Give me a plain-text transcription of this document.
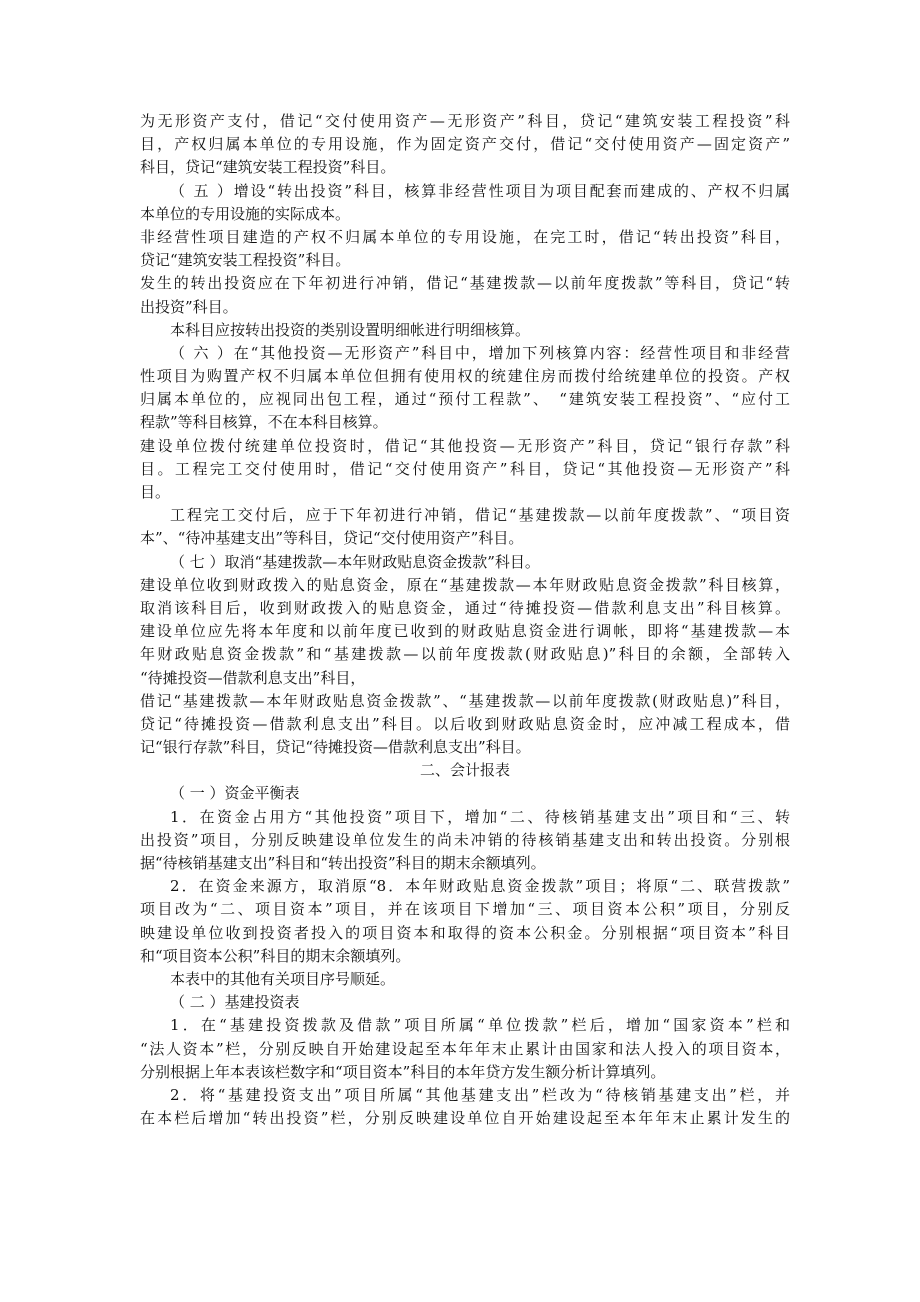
为无形资产支付，借记“交付使用资产—无形资产”科目，贷记“建筑安装工程投资”科
目，产权归属本单位的专用设施，作为固定资产交付，借记“交付使用资产—固定资产”
科目，贷记“建筑安装工程投资”科目。
（ 五 ）增设“转出投资”科目，核算非经营性项目为项目配套而建成的、产权不归属
本单位的专用设施的实际成本。
非经营性项目建造的产权不归属本单位的专用设施，在完工时，借记“转出投资”科目，
贷记“建筑安装工程投资”科目。
发生的转出投资应在下年初进行冲销，借记“基建拨款—以前年度拨款”等科目，贷记“转
出投资”科目。
本科目应按转出投资的类别设置明细帐进行明细核算。
（ 六 ）在“其他投资—无形资产”科目中，增加下列核算内容：经营性项目和非经营
性项目为购置产权不归属本单位但拥有使用权的统建住房而拨付给统建单位的投资。产权
归属本单位的，应视同出包工程，通过“预付工程款”、　“建筑安装工程投资”、“应付工
程款”等科目核算，不在本科目核算。
建设单位拨付统建单位投资时，借记“其他投资—无形资产”科目，贷记“银行存款”科
目。工程完工交付使用时，借记“交付使用资产”科目，贷记“其他投资—无形资产”科
目。
工程完工交付后，应于下年初进行冲销，借记“基建拨款—以前年度拨款”、“项目资
本”、“待冲基建支出”等科目，贷记“交付使用资产”科目。
（ 七 ）取消“基建拨款—本年财政贴息资金拨款”科目。
建设单位收到财政拨入的贴息资金，原在“基建拨款—本年财政贴息资金拨款”科目核算，
取消该科目后，收到财政拨入的贴息资金，通过“待摊投资—借款利息支出”科目核算。
建设单位应先将本年度和以前年度已收到的财政贴息资金进行调帐，即将“基建拨款—本
年财政贴息资金拨款”和“基建拨款—以前年度拨款(财政贴息)”科目的余额，全部转入
“待摊投资—借款利息支出”科目，
借记“基建拨款—本年财政贴息资金拨款”、“基建拨款—以前年度拨款(财政贴息)”科目，
贷记“待摊投资—借款利息支出”科目。以后收到财政贴息资金时，应冲减工程成本，借
记“银行存款”科目，贷记“待摊投资—借款利息支出”科目。
二、会计报表
（ 一 ）资金平衡表
1．在资金占用方“其他投资”项目下，增加“二、待核销基建支出”项目和“三、转
出投资”项目，分别反映建设单位发生的尚未冲销的待核销基建支出和转出投资。分别根
据“待核销基建支出”科目和“转出投资”科目的期末余额填列。
2．在资金来源方，取消原“8．本年财政贴息资金拨款”项目；将原“二、联营拨款”
项目改为“二、项目资本”项目，并在该项目下增加“三、项目资本公积”项目，分别反
映建设单位收到投资者投入的项目资本和取得的资本公积金。分别根据“项目资本”科目
和“项目资本公积”科目的期末余额填列。
本表中的其他有关项目序号顺延。
（ 二 ）基建投资表
1．在“基建投资拨款及借款”项目所属“单位拨款”栏后，增加“国家资本”栏和
“法人资本”栏，分别反映自开始建设起至本年年末止累计由国家和法人投入的项目资本，
分别根据上年本表该栏数字和“项目资本”科目的本年贷方发生额分析计算填列。
2．将“基建投资支出”项目所属“其他基建支出”栏改为“待核销基建支出”栏，并
在本栏后增加“转出投资”栏，分别反映建设单位自开始建设起至本年年末止累计发生的
